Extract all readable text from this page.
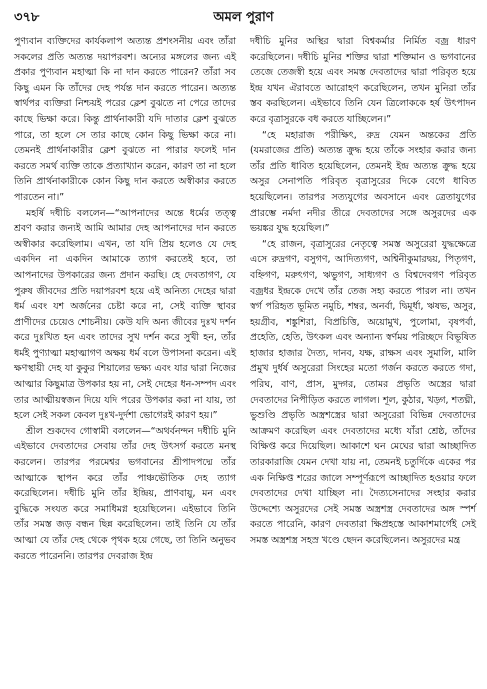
৩৭৮	অমল পুরাণ

পুণ্যবান ব্যক্তিদের কার্যকলাপ অত্যন্ত প্রশংসনীয় এবং তাঁরা সকলের প্রতি অত্যন্ত দয়াপরবশ। অন্যের মঙ্গলের জন্য এই প্রকার পুণ্যবান মহাত্মা কি না দান করতে পারেন? তাঁরা সব কিছু এমন কি তাঁদের দেহ পর্যন্ত দান করতে পারেন। অত্যন্ত স্বার্থপর ব্যক্তিরা নিশ্চয়ই পরের ক্লেশ বুঝতে না পেরে তাদের কাছে ভিক্ষা করে। কিন্তু প্রার্থনাকারী যদি দাতার ক্লেশ বুঝতে পারে, তা হলে সে তার কাছে কোন কিছু ভিক্ষা করে না। তেমনই প্রার্থনাকারীর ক্লেশ বুঝতে না পারার ফলেই দান করতে সমর্থ ব্যক্তি তাকে প্রত্যাখ্যান করেন, কারণ তা না হলে তিনি প্রার্থনাকারীকে কোন কিছু দান করতে অস্বীকার করতে পারতেন না।”

মহর্ষি দধীচি বললেন—“আপনাদের অন্তে ধর্মের তত্ত্ব শ্রবণ করার জন্যই আমি আমার দেহ আপনাদের দান করতে অস্বীকার করেছিলাম। এখন, তা যদি প্রিয় হলেও যে দেহ একদিন না একদিন আমাকে ত্যাগ করতেই হবে, তা আপনাদের উপকারের জন্য প্রদান করছি। হে দেবতাগণ, যে পুরুষ জীবদের প্রতি দয়াপরবশ হয়ে এই অনিত্য দেহের দ্বারা ধর্ম এবং যশ অর্জনের চেষ্টা করে না, সেই ব্যক্তি স্থাবর প্রাণীদের চেয়েও শোচনীয়। কেউ যদি অন্য জীবের দুঃখ দর্শন করে দুঃখিত হন এবং তাদের সুখ দর্শন করে সুখী হন, তাঁর ধর্মই পুণ্যাত্মা মহাত্মাগণ অক্ষয় ধর্ম বলে উপাসনা করেন। এই ক্ষণস্থায়ী দেহ যা কুকুর শিয়ালের ভক্ষ্য এবং যার দ্বারা নিজের আত্মার কিছুমাত্র উপকার হয় না, সেই দেহের ধন-সম্পদ এবং তার আত্মীয়স্বজন দিয়ে যদি পরের উপকার করা না যায়, তা হলে সেই সকল কেবল দুঃখ-দুর্দশা ভোগেরই কারণ হয়।”

শ্রীল শুকদেব গোস্বামী বললেন—“অথর্বনন্দন দধীচি মুনি এইভাবে দেবতাদের সেবায় তাঁর দেহ উৎসর্গ করতে মনস্থ করলেন। তারপর পরমেশ্বর ভগবানের শ্রীপাদপদ্মে তাঁর আত্মাকে স্থাপন করে তাঁর পাঞ্চভৌতিক দেহ ত্যাগ করেছিলেন। দধীচি মুনি তাঁর ইন্দ্রিয়, প্রাণবায়ু, মন এবং বুদ্ধিকে সংযত করে সমাধিমগ্ন হয়েছিলেন। এইভাবে তিনি তাঁর সমস্ত জড় বন্ধন ছিন্ন করেছিলেন। তাই তিনি যে তাঁর আত্মা যে তাঁর দেহ থেকে পৃথক হয়ে গেছে, তা তিনি অনুভব করতে পারেননি। তারপর দেবরাজ ইন্দ্র

দধীচি মুনির অস্থির দ্বারা বিশ্বকর্মার নির্মিত বজ্র ধারণ করেছিলেন। দধীচি মুনির শক্তির দ্বারা শক্তিমান ও ভগবানের তেজে তেজস্বী হয়ে এবং সমস্ত দেবতাদের দ্বারা পরিবৃত হয়ে ইন্দ্র যখন ঐরাবতে আরোহণ করেছিলেন, তখন মুনিরা তাঁর স্তব করছিলেন। এইভাবে তিনি যেন ত্রিলোককে হর্ষ উৎপাদন করে বৃত্রাসুরকে বধ করতে যাচ্ছিলেন।”

“হে মহারাজ পরীক্ষিৎ, রুদ্র যেমন অন্তকের প্রতি (যমরাজের প্রতি) অত্যন্ত ক্রুদ্ধ হয়ে তাঁকে সংহার করার জন্য তাঁর প্রতি ধাবিত হয়েছিলেন, তেমনই ইন্দ্র অত্যন্ত ক্রুদ্ধ হয়ে অসুর সেনাপতি পরিবৃত বৃত্রাসুরের দিকে বেগে ধাবিত হয়েছিলেন। তারপর সত্যযুগের অবসানে এবং ত্রেতাযুগের প্রারম্ভে নর্মদা নদীর তীরে দেবতাদের সঙ্গে অসুরদের এক ভয়ঙ্কর যুদ্ধ হয়েছিল।”

“হে রাজন, বৃত্রাসুরের নেতৃত্বে সমস্ত অসুরেরা যুদ্ধক্ষেত্রে এসে রুদ্রগণ, বসুগণ, আদিত্যগণ, অশ্বিনীকুমারদ্বয়, পিতৃগণ, বহ্নিগণ, মরুৎগণ, ঋভুগণ, সাধ্যগণ ও বিশ্বদেবগণ পরিবৃত বজ্রধর ইন্দ্রকে দেখে তাঁর তেজ সহ্য করতে পারল না। তখন স্বর্গ পরিহৃত ভূমিত নমুচি, শম্বর, অনর্বা, দ্বিমূর্ধা, ঋষভ, অসুর, হয়গ্রীব, শঙ্কুশিরা, বিপ্রচিত্তি, অয়োমুখ, পুলোমা, বৃষপর্বা, প্রহেতি, হেতি, উৎকল এবং অন্যান্য স্বর্ণময় পরিচ্ছদে বিভূষিত হাজার হাজার দৈত্য, দানব, যক্ষ, রাক্ষস এবং সুমালি, মালি প্রমুখ দুর্ধর্ষ অসুরেরা সিংহের মতো গর্জন করতে করতে গদা, পরিঘ, বাণ, প্রাস, মুদ্গর, তোমর প্রভৃতি অস্ত্রের দ্বারা দেবতাদের নিপীড়িত করতে লাগল। শূল, কুঠার, খড়্গ, শতঘ্নী, ভুশুণ্ডি প্রভৃতি অস্ত্রশস্ত্রের দ্বারা অসুরেরা বিভিন্ন দেবতাদের আক্রমণ করেছিল এবং দেবতাদের মধ্যে যাঁরা শ্রেষ্ঠ, তাঁদের বিক্ষিপ্ত করে দিয়েছিল। আকাশে ঘন মেঘের দ্বারা আচ্ছাদিত তারকারাজি যেমন দেখা যায় না, তেমনই চতুর্দিকে একের পর এক নিক্ষিপ্ত শরের জালে সম্পূর্ণরূপে আচ্ছাদিত হওয়ার ফলে দেবতাদের দেখা যাচ্ছিল না। দৈত্যসেনাদের সংহার করার উদ্দেশ্যে অসুরদের সেই সমস্ত অস্ত্রশস্ত্র দেবতাদের অঙ্গ স্পর্শ করতে পারেনি, কারণ দেবতারা ক্ষিপ্রহস্তে আকাশমার্গেই সেই সমস্ত অস্ত্রশস্ত্র সহস্র খণ্ডে ছেদন করেছিলেন। অসুরদের মন্ত্র
